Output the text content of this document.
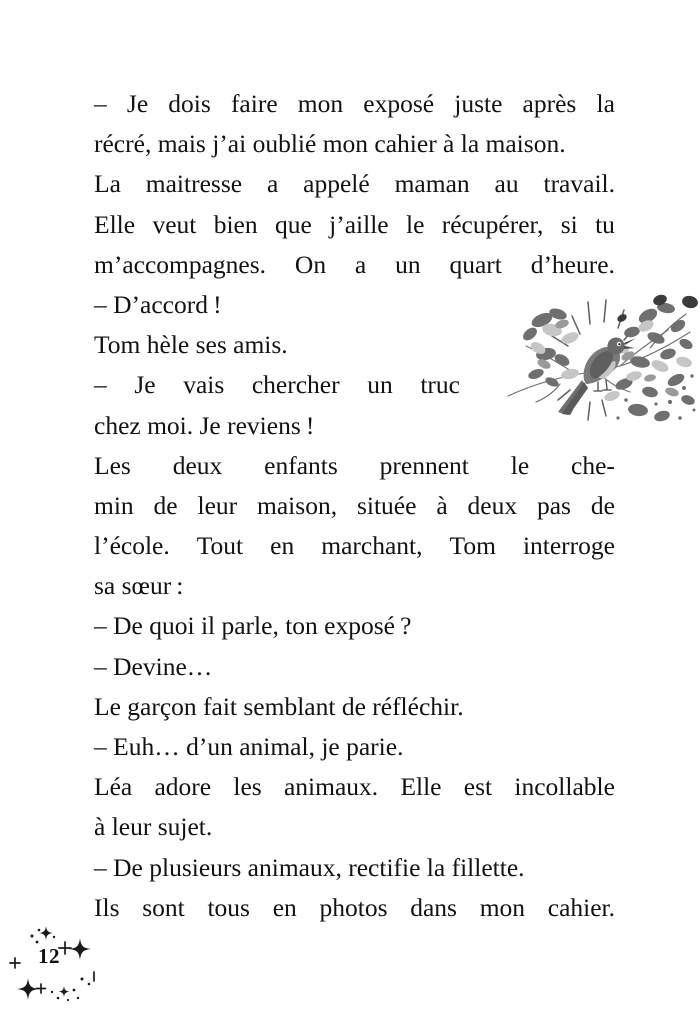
– Je dois faire mon exposé juste après la
récré, mais j’ai oublié mon cahier à la maison.
La maitresse a appelé maman au travail.
Elle veut bien que j’aille le récupérer, si tu
m’accompagnes. On a un quart d’heure.
– D’accord !
Tom hèle ses amis.
– Je vais chercher un truc
chez moi. Je reviens !
Les deux enfants prennent le che-
min de leur maison, située à deux pas de
l’école. Tout en marchant, Tom interroge
sa sœur :
– De quoi il parle, ton exposé ?
– Devine…
Le garçon fait semblant de réfléchir.
– Euh… d’un animal, je parie.
Léa adore les animaux. Elle est incollable
à leur sujet.
– De plusieurs animaux, rectifie la fillette.
Ils sont tous en photos dans mon cahier.
12
